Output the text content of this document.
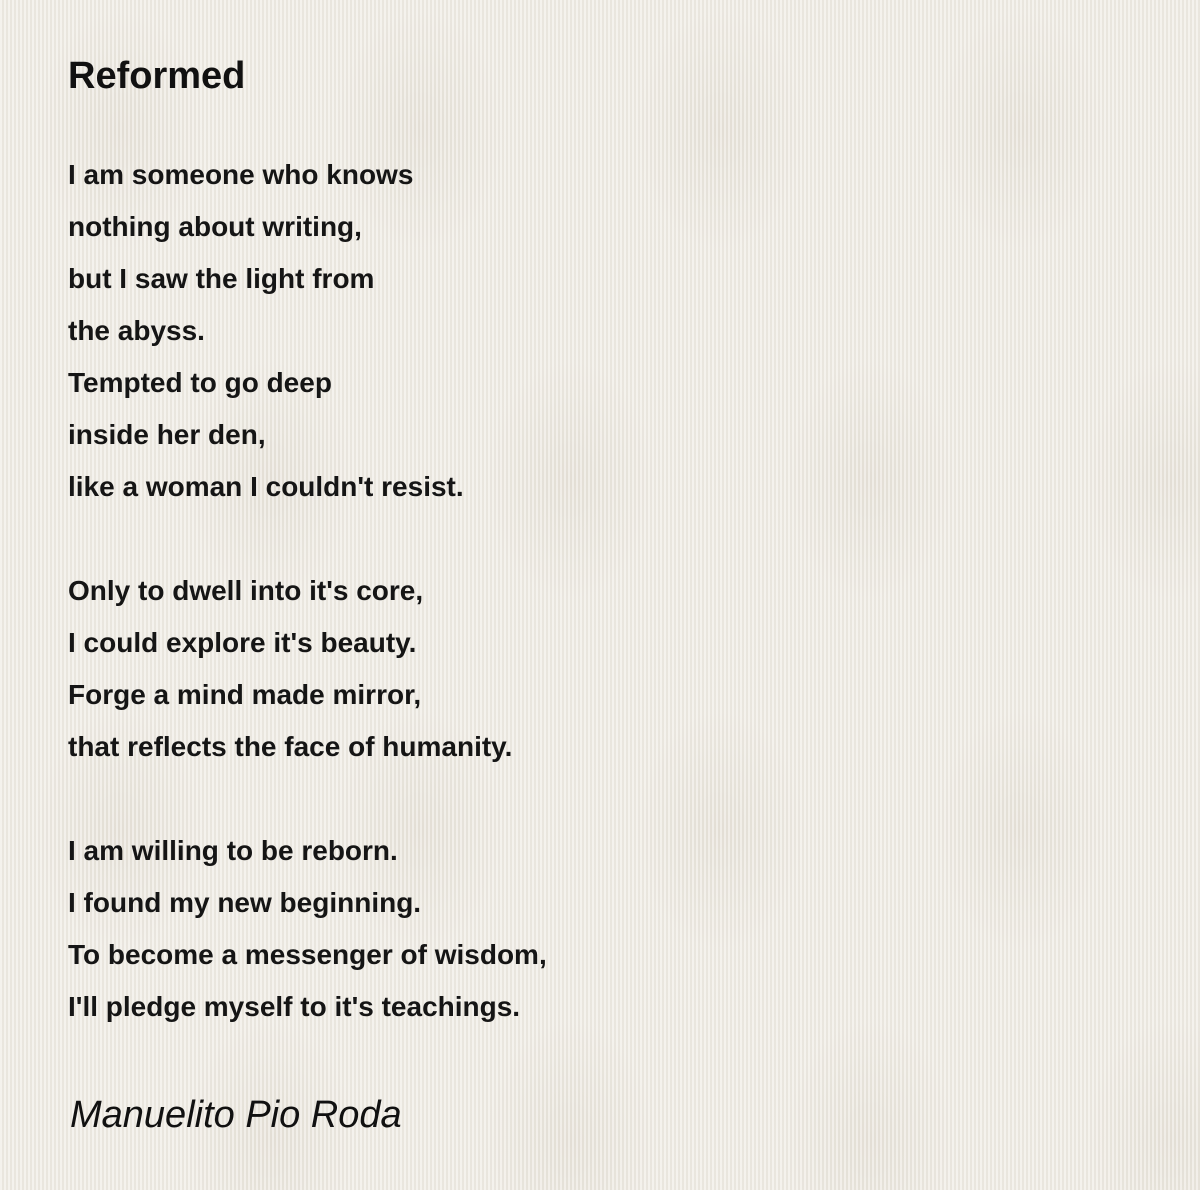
Reformed
I am someone who knows
nothing about writing,
but I saw the light from
the abyss.
Tempted to go deep
inside her den,
like a woman I couldn't resist.
Only to dwell into it's core,
I could explore it's beauty.
Forge a mind made mirror,
that reflects the face of humanity.
I am willing to be reborn.
I found my new beginning.
To become a messenger of wisdom,
I'll pledge myself to it's teachings.

Manuelito Pio Roda
